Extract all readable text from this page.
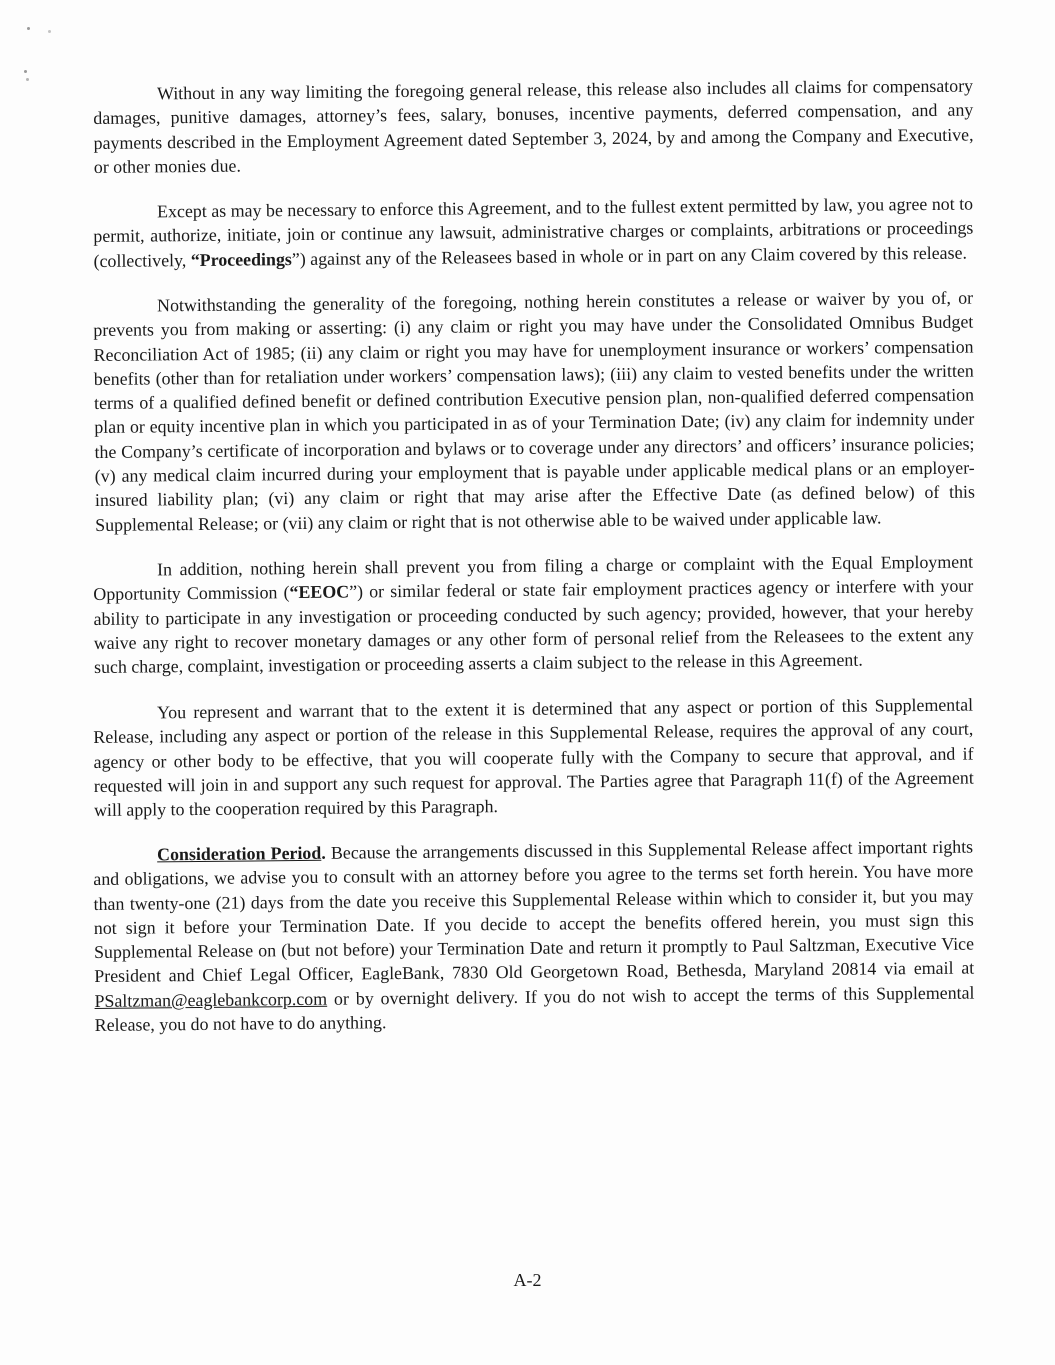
Without in any way limiting the foregoing general release, this release also includes all claims for compensatory damages, punitive damages, attorney’s fees, salary, bonuses, incentive payments, deferred compensation, and any payments described in the Employment Agreement dated September 3, 2024, by and among the Company and Executive, or other monies due.

Except as may be necessary to enforce this Agreement, and to the fullest extent permitted by law, you agree not to permit, authorize, initiate, join or continue any lawsuit, administrative charges or complaints, arbitrations or proceedings (collectively, “Proceedings”) against any of the Releasees based in whole or in part on any Claim covered by this release.

Notwithstanding the generality of the foregoing, nothing herein constitutes a release or waiver by you of, or prevents you from making or asserting: (i) any claim or right you may have under the Consolidated Omnibus Budget Reconciliation Act of 1985; (ii) any claim or right you may have for unemployment insurance or workers’ compensation benefits (other than for retaliation under workers’ compensation laws); (iii) any claim to vested benefits under the written terms of a qualified defined benefit or defined contribution Executive pension plan, non-qualified deferred compensation plan or equity incentive plan in which you participated in as of your Termination Date; (iv) any claim for indemnity under the Company’s certificate of incorporation and bylaws or to coverage under any directors’ and officers’ insurance policies; (v) any medical claim incurred during your employment that is payable under applicable medical plans or an employer-insured liability plan; (vi) any claim or right that may arise after the Effective Date (as defined below) of this Supplemental Release; or (vii) any claim or right that is not otherwise able to be waived under applicable law.

In addition, nothing herein shall prevent you from filing a charge or complaint with the Equal Employment Opportunity Commission (“EEOC”) or similar federal or state fair employment practices agency or interfere with your ability to participate in any investigation or proceeding conducted by such agency; provided, however, that your hereby waive any right to recover monetary damages or any other form of personal relief from the Releasees to the extent any such charge, complaint, investigation or proceeding asserts a claim subject to the release in this Agreement.

You represent and warrant that to the extent it is determined that any aspect or portion of this Supplemental Release, including any aspect or portion of the release in this Supplemental Release, requires the approval of any court, agency or other body to be effective, that you will cooperate fully with the Company to secure that approval, and if requested will join in and support any such request for approval. The Parties agree that Paragraph 11(f) of the Agreement will apply to the cooperation required by this Paragraph.

Consideration Period. Because the arrangements discussed in this Supplemental Release affect important rights and obligations, we advise you to consult with an attorney before you agree to the terms set forth herein. You have more than twenty-one (21) days from the date you receive this Supplemental Release within which to consider it, but you may not sign it before your Termination Date. If you decide to accept the benefits offered herein, you must sign this Supplemental Release on (but not before) your Termination Date and return it promptly to Paul Saltzman, Executive Vice President and Chief Legal Officer, EagleBank, 7830 Old Georgetown Road, Bethesda, Maryland 20814 via email at PSaltzman@eaglebankcorp.com or by overnight delivery. If you do not wish to accept the terms of this Supplemental Release, you do not have to do anything.

A-2
